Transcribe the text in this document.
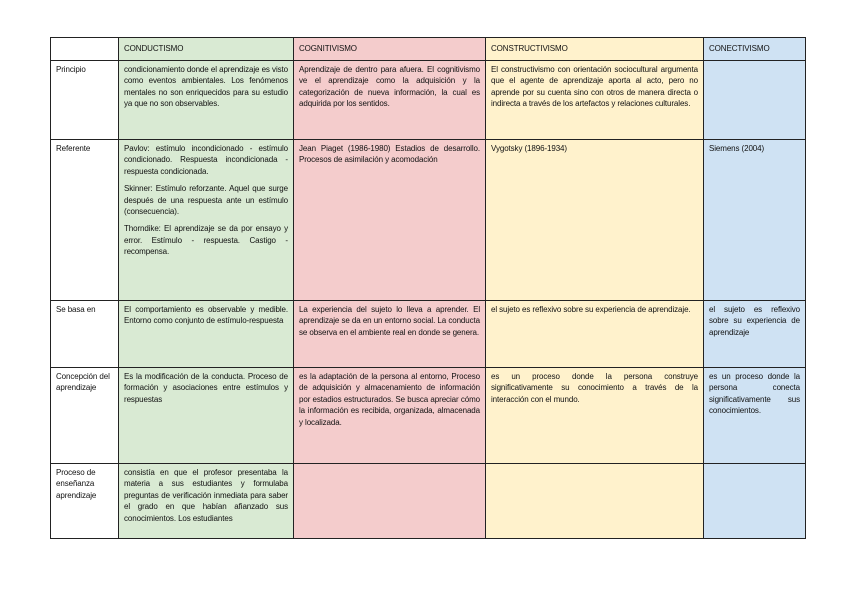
	CONDUCTISMO	COGNITIVISMO	CONSTRUCTIVISMO	CONECTIVISMO
Principio	condicionamiento donde el aprendizaje es visto como eventos ambientales. Los fenómenos mentales no son enriquecidos para su estudio ya que no son observables.	Aprendizaje de dentro para afuera. El cognitivismo ve el aprendizaje como la adquisición y la categorización de nueva información, la cual es adquirida por los sentidos.	El constructivismo con orientación sociocultural argumenta que el agente de aprendizaje aporta al acto, pero no aprende por su cuenta sino con otros de manera directa o indirecta a través de los artefactos y relaciones culturales.	

Referente	Pavlov: estímulo incondicionado - estímulo condicionado. Respuesta incondicionada - respuesta condicionada.

Skinner: Estímulo reforzante. Aquel que surge después de una respuesta ante un estímulo (consecuencia).

Thorndike: El aprendizaje se da por ensayo y error. Estímulo - respuesta. Castigo - recompensa.	Jean Piaget (1986-1980) Estadios de desarrollo. Procesos de asimilación y acomodación	Vygotsky (1896-1934)	Siemens (2004)

Se basa en	El comportamiento es observable y medible. Entorno como conjunto de estímulo-respuesta	La experiencia del sujeto lo lleva a aprender. El aprendizaje se da en un entorno social. La conducta se observa en el ambiente real en donde se genera.	el sujeto es reflexivo sobre su experiencia de aprendizaje.	el sujeto es reflexivo sobre su experiencia de aprendizaje

Concepción del aprendizaje	Es la modificación de la conducta. Proceso de formación y asociaciones entre estímulos y respuestas	es la adaptación de la persona al entorno, Proceso de adquisición y almacenamiento de información por estadios estructurados. Se busca apreciar cómo la información es recibida, organizada, almacenada y localizada.	es un proceso donde la persona construye significativamente su conocimiento a través de la interacción con el mundo.	es un proceso donde la persona conecta significativamente sus conocimientos.

Proceso de enseñanza aprendizaje	consistía en que el profesor presentaba la materia a sus estudiantes y formulaba preguntas de verificación inmediata para saber el grado en que habían afianzado sus conocimientos. Los estudiantes			
